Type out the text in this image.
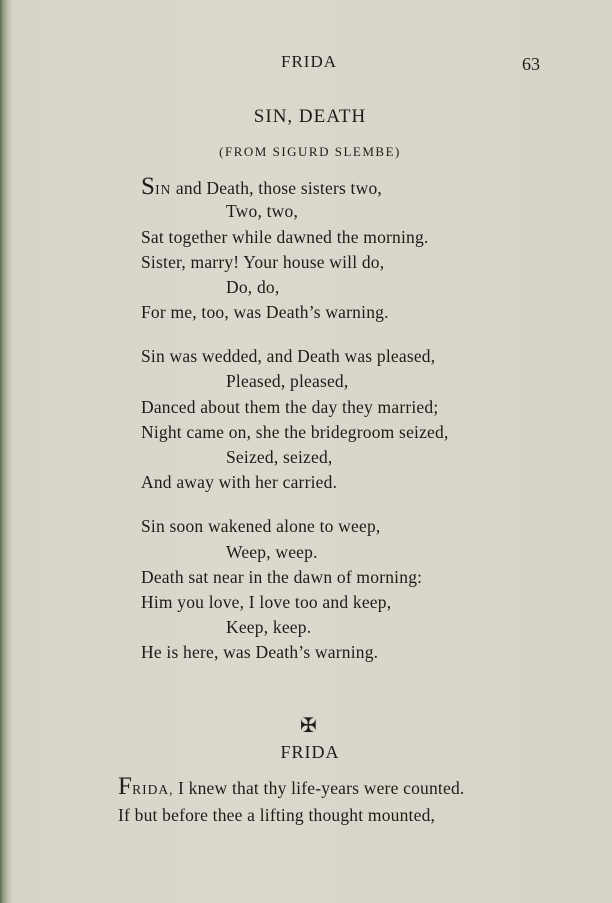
FRIDA	63
SIN, DEATH
(FROM SIGURD SLEMBE)
SIN and Death, those sisters two,
Two, two,
Sat together while dawned the morning.
Sister, marry! Your house will do,
Do, do,
For me, too, was Death’s warning.
Sin was wedded, and Death was pleased,
Pleased, pleased,
Danced about them the day they married;
Night came on, she the bridegroom seized,
Seized, seized,
And away with her carried.
Sin soon wakened alone to weep,
Weep, weep.
Death sat near in the dawn of morning:
Him you love, I love too and keep,
Keep, keep.
He is here, was Death’s warning.
✠
FRIDA
FRIDA, I knew that thy life-years were counted.
If but before thee a lifting thought mounted,
